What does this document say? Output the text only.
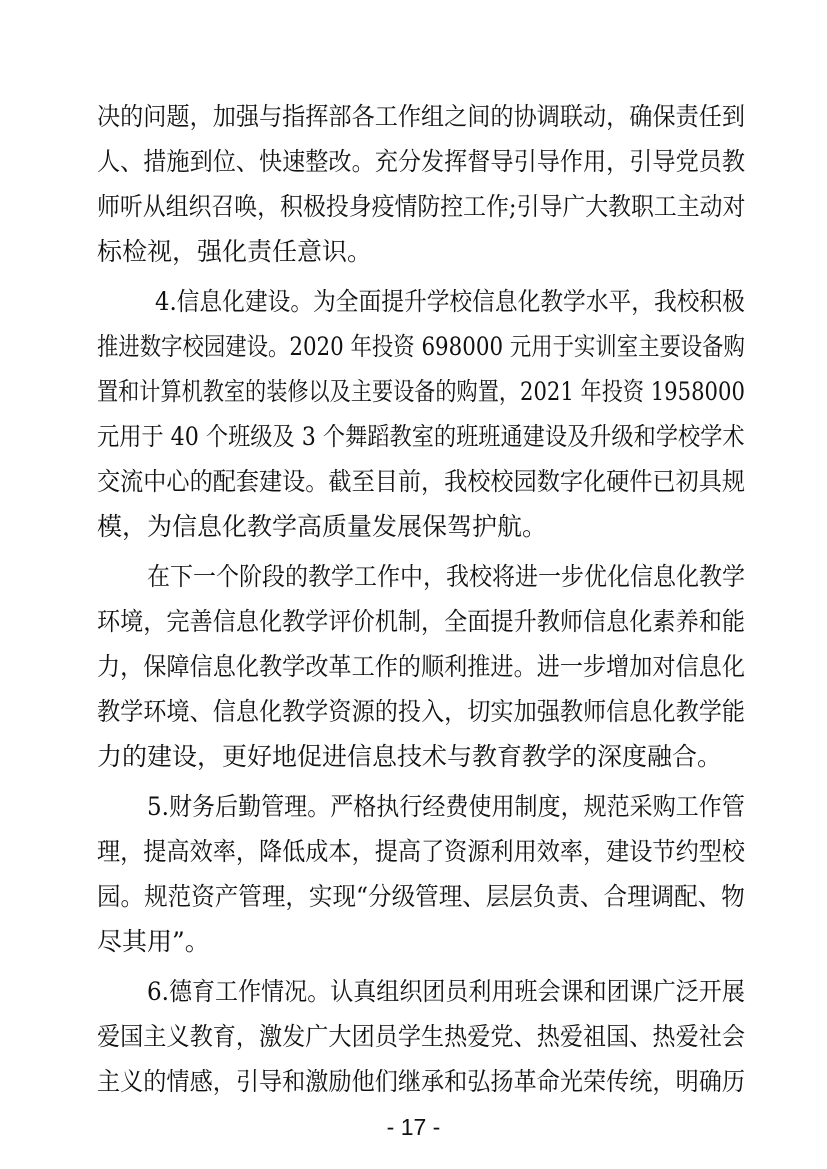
决的问题，加强与指挥部各工作组之间的协调联动，确保责任到
人、措施到位、快速整改。充分发挥督导引导作用，引导党员教
师听从组织召唤，积极投身疫情防控工作;引导广大教职工主动对
标检视，强化责任意识。
4.信息化建设。为全面提升学校信息化教学水平，我校积极
推进数字校园建设。2020 年投资 698000 元用于实训室主要设备购
置和计算机教室的装修以及主要设备的购置，2021 年投资 1958000
元用于 40 个班级及 3 个舞蹈教室的班班通建设及升级和学校学术
交流中心的配套建设。截至目前，我校校园数字化硬件已初具规
模，为信息化教学高质量发展保驾护航。
在下一个阶段的教学工作中，我校将进一步优化信息化教学
环境，完善信息化教学评价机制，全面提升教师信息化素养和能
力，保障信息化教学改革工作的顺利推进。进一步增加对信息化
教学环境、信息化教学资源的投入，切实加强教师信息化教学能
力的建设，更好地促进信息技术与教育教学的深度融合。
5.财务后勤管理。严格执行经费使用制度，规范采购工作管
理，提高效率，降低成本，提高了资源利用效率，建设节约型校
园。规范资产管理，实现“分级管理、层层负责、合理调配、物
尽其用”。
6.德育工作情况。认真组织团员利用班会课和团课广泛开展
爱国主义教育，激发广大团员学生热爱党、热爱祖国、热爱社会
主义的情感，引导和激励他们继承和弘扬革命光荣传统，明确历
- 17 -
